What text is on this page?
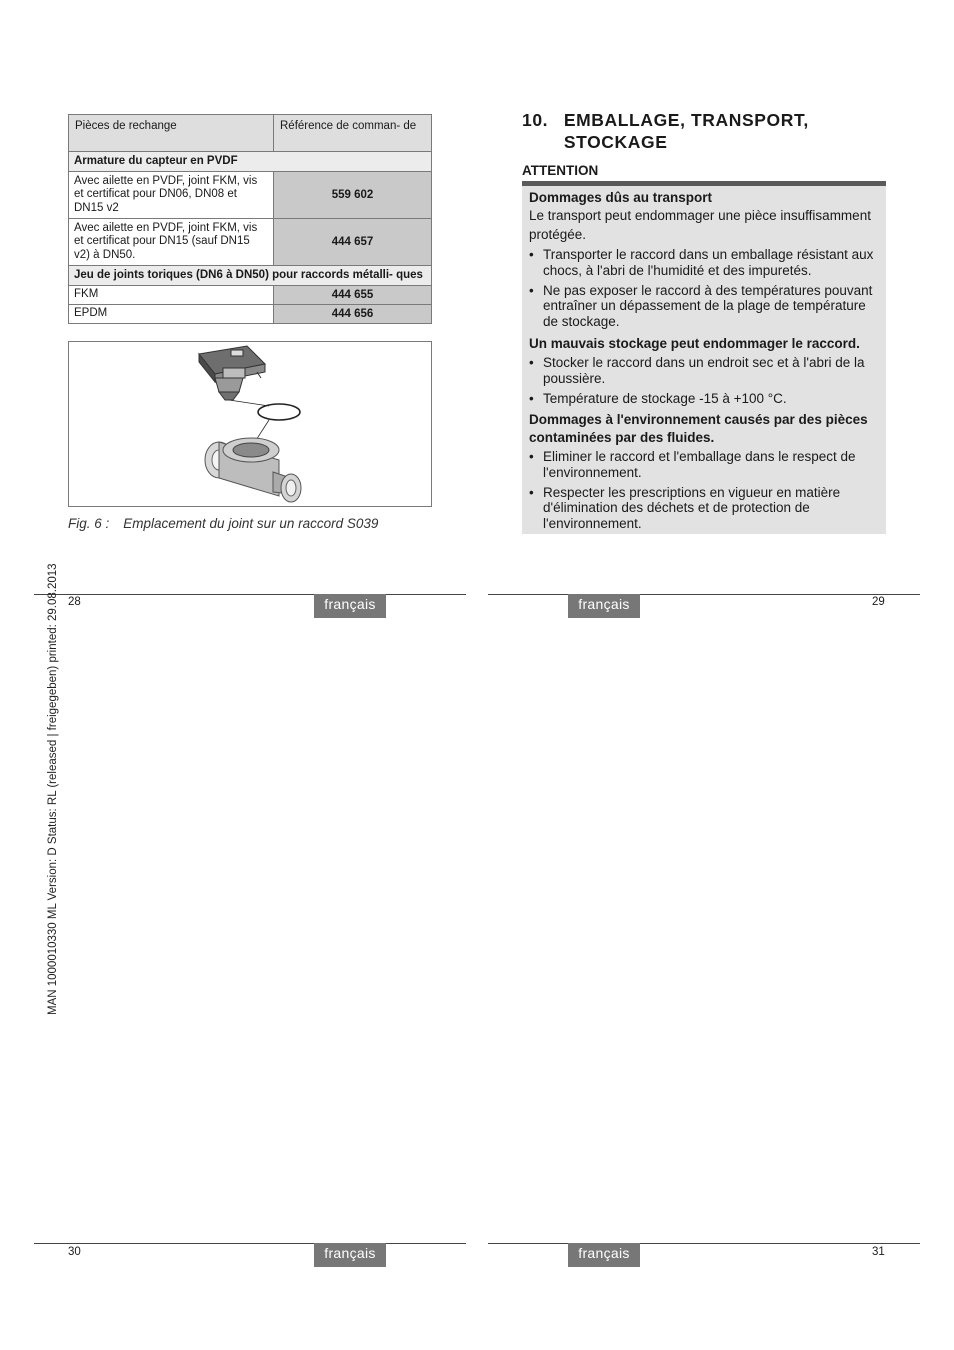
Pièces de rechange	Référence de comman- de
Armature du capteur en PVDF	
Avec ailette en PVDF, joint FKM, vis et certificat pour DN06, DN08 et DN15 v2	559 602
Avec ailette en PVDF, joint FKM, vis et certificat pour DN15 (sauf DN15 v2) à DN50.	444 657
Jeu de joints toriques (DN6 à DN50) pour raccords métalli- ques	
FKM	444 655
EPDM	444 656
Fig. 6 : Emplacement du joint sur un raccord S039
10. EMBALLAGE, TRANSPORT, STOCKAGE
ATTENTION

Dommages dûs au transport

Le transport peut endommager une pièce insuffisamment protégée.

• Transporter le raccord dans un emballage résistant aux chocs, à l'abri de l'humidité et des impuretés.
• Ne pas exposer le raccord à des températures pouvant entraîner un dépassement de la plage de température de stockage.

Un mauvais stockage peut endommager le raccord.

• Stocker le raccord dans un endroit sec et à l'abri de la poussière.
• Température de stockage -15 à +100 °C.

Dommages à l'environnement causés par des pièces contaminées par des fluides.

• Eliminer le raccord et l'emballage dans le respect de l'environnement.
• Respecter les prescriptions en vigueur en matière d'élimination des déchets et de protection de l'environnement.
28	français	français	29
30	français	français	31
MAN 1000010330 ML Version: D Status: RL (released | freigegeben) printed: 29.08.2013
